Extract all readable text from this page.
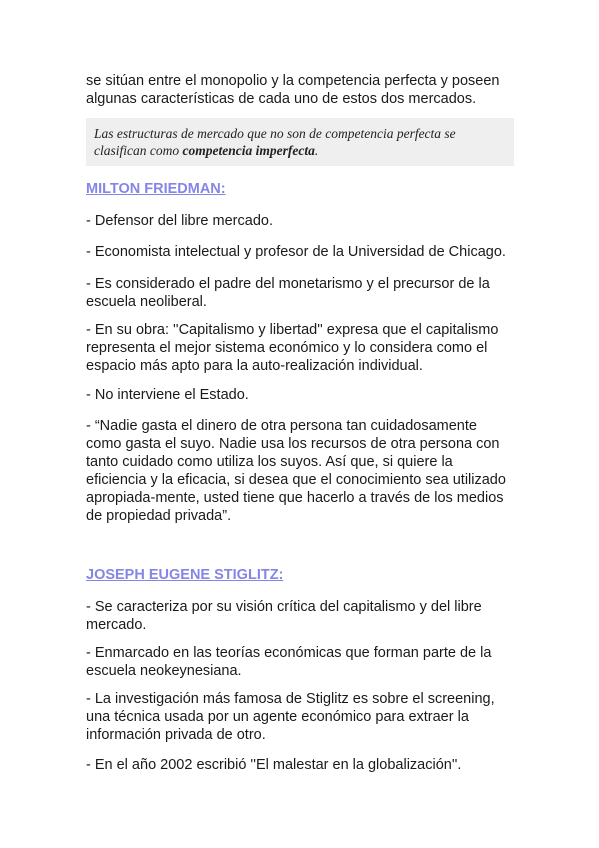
se sitúan entre el monopolio y la competencia perfecta y poseen algunas características de cada uno de estos dos mercados.

Las estructuras de mercado que no son de competencia perfecta se clasifican como competencia imperfecta.

MILTON FRIEDMAN:

- Defensor del libre mercado.

- Economista intelectual y profesor de la Universidad de Chicago.

- Es considerado el padre del monetarismo y el precursor de la escuela neoliberal.

- En su obra: ''Capitalismo y libertad'' expresa que el capitalismo representa el mejor sistema económico y lo considera como el espacio más apto para la auto-realización individual.

- No interviene el Estado.

- “Nadie gasta el dinero de otra persona tan cuidadosamente como gasta el suyo. Nadie usa los recursos de otra persona con tanto cuidado como utiliza los suyos. Así que, si quiere la eficiencia y la eficacia, si desea que el conocimiento sea utilizado apropiada-mente, usted tiene que hacerlo a través de los medios de propiedad privada”.

JOSEPH EUGENE STIGLITZ:

- Se caracteriza por su visión crítica del capitalismo y del libre mercado.

- Enmarcado en las teorías económicas que forman parte de la escuela neokeynesiana.

- La investigación más famosa de Stiglitz es sobre el screening, una técnica usada por un agente económico para extraer la información privada de otro.

- En el año 2002 escribió ''El malestar en la globalización''.
